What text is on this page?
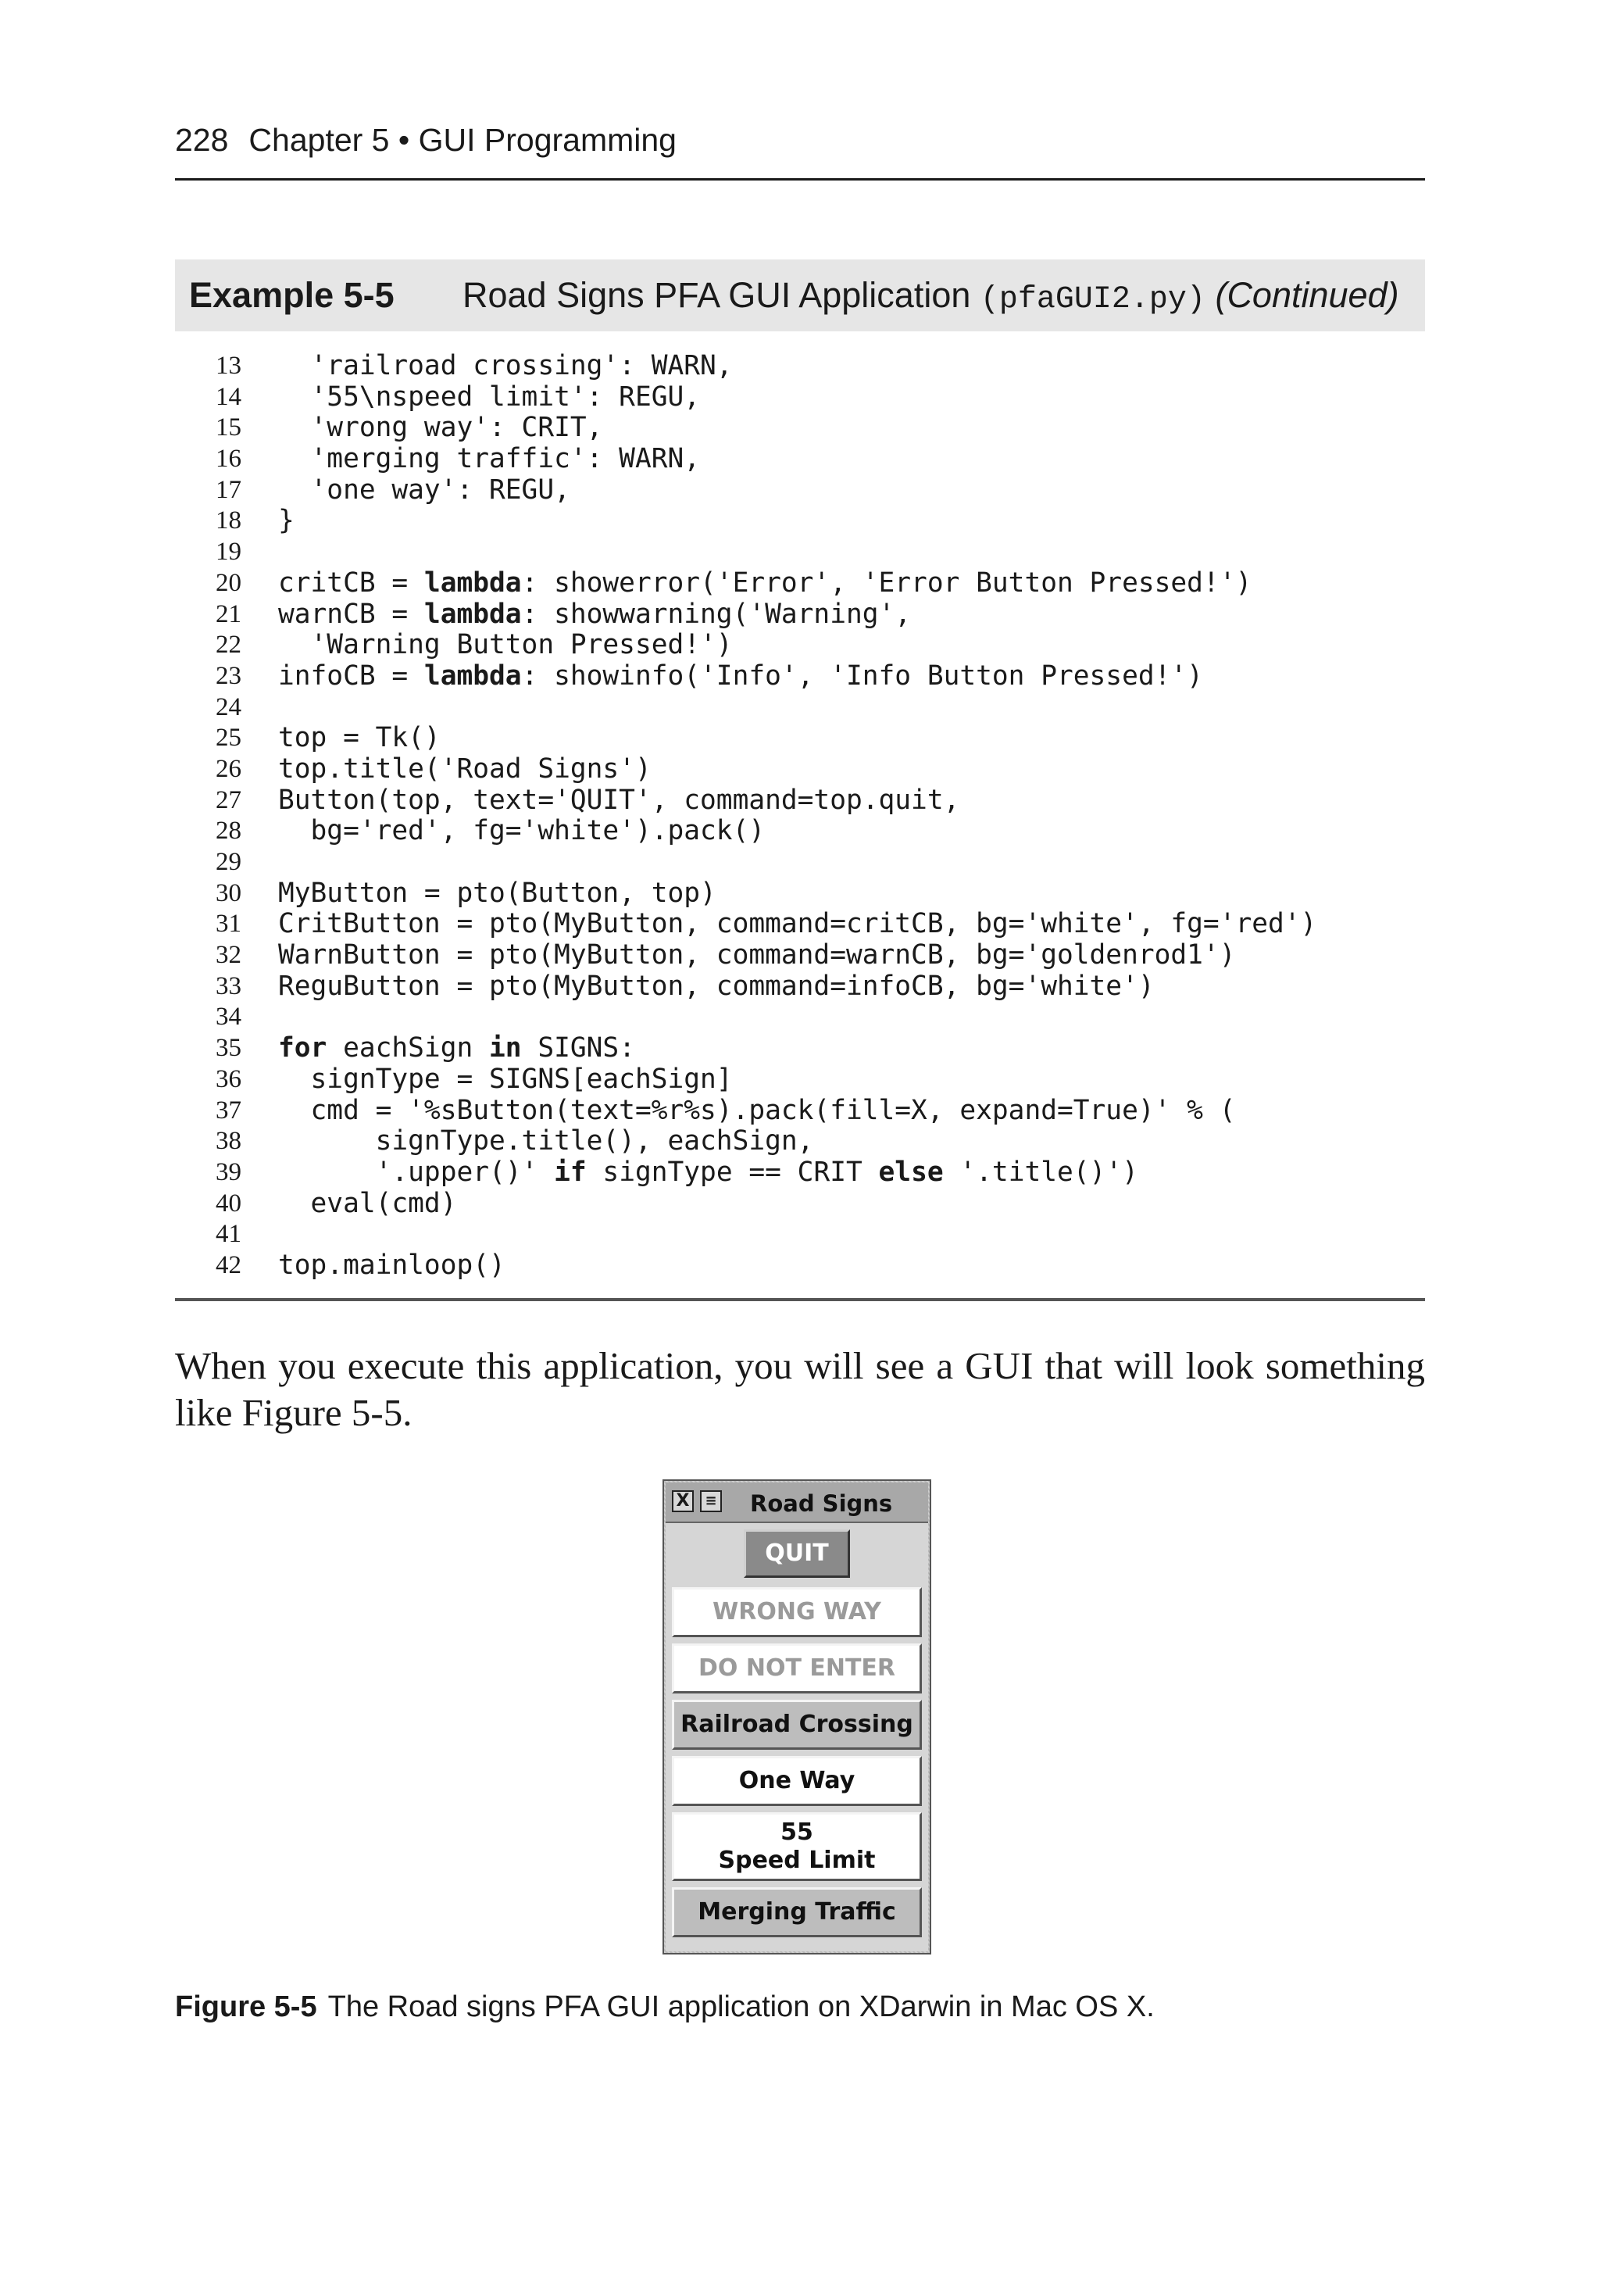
228 Chapter 5 • GUI Programming
Example 5-5 Road Signs PFA GUI Application (pfaGUI2.py) (Continued)
13	'railroad crossing': WARN,
14	'55\nspeed limit': REGU,
15	'wrong way': CRIT,
16	'merging traffic': WARN,
17	'one way': REGU,
18	}
19
20	critCB = lambda: showerror('Error', 'Error Button Pressed!')
21	warnCB = lambda: showwarning('Warning',
22	'Warning Button Pressed!')
23	infoCB = lambda: showinfo('Info', 'Info Button Pressed!')
24
25	top = Tk()
26	top.title('Road Signs')
27	Button(top, text='QUIT', command=top.quit,
28	bg='red', fg='white').pack()
29
30	MyButton = pto(Button, top)
31	CritButton = pto(MyButton, command=critCB, bg='white', fg='red')
32	WarnButton = pto(MyButton, command=warnCB, bg='goldenrod1')
33	ReguButton = pto(MyButton, command=infoCB, bg='white')
34
35	for eachSign in SIGNS:
36	signType = SIGNS[eachSign]
37	cmd = '%sButton(text=%r%s).pack(fill=X, expand=True)' % (
38	signType.title(), eachSign,
39	'.upper()' if signType == CRIT else '.title()')
40	eval(cmd)
41
42	top.mainloop()

When you execute this application, you will see a GUI that will look something like Figure 5-5.

X	≡ Road Signs
QUIT
WRONG WAY
DO NOT ENTER
Railroad Crossing
One Way
55
Speed Limit
Merging Traffic
Figure 5-5 The Road signs PFA GUI application on XDarwin in Mac OS X.
